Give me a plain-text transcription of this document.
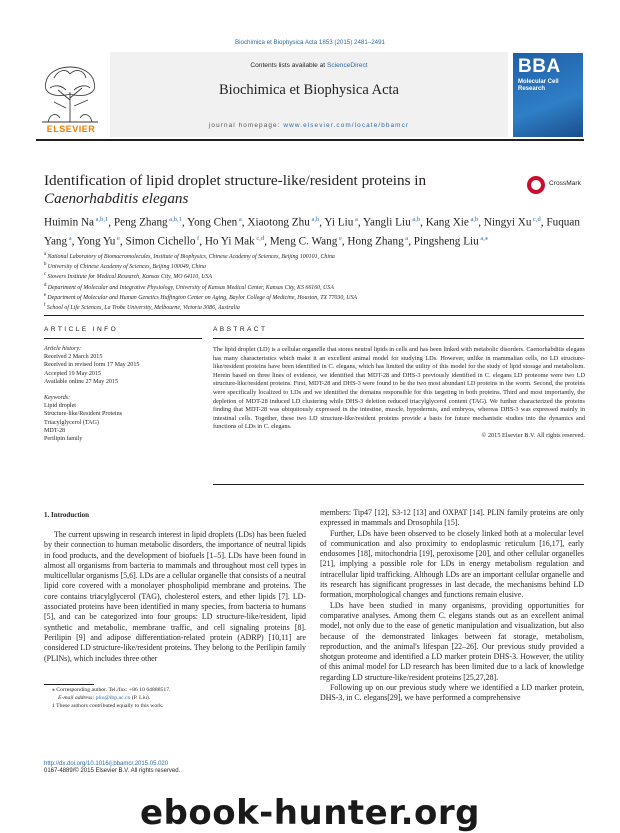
Biochimica et Biophysica Acta 1853 (2015) 2481–2491
ELSEVIER
Contents lists available at ScienceDirect
Biochimica et Biophysica Acta
journal homepage: www.elsevier.com/locate/bbamcr
BBA
Molecular Cell
Research
Identification of lipid droplet structure-like/resident proteins in
Caenorhabditis elegans
CrossMark
Huimin Na $^{a,b,1}$, Peng Zhang $^{a,b,1}$, Yong Chen $^a$, Xiaotong Zhu $^{a,b}$, Yi Liu $^a$, Yangli Liu $^{a,b}$, Kang Xie $^{a,b}$, Ningyi Xu $^{c,d}$, Fuquan Yang $^a$, Yong Yu $^e$, Simon Cichello $^f$, Ho Yi Mak $^{c,d}$, Meng C. Wang $^e$, Hong Zhang $^a$, Pingsheng Liu $^{a,⁎}$
$^a$ National Laboratory of Biomacromolecules, Institute of Biophysics, Chinese Academy of Sciences, Beijing 100101, China
$^b$ University of Chinese Academy of Sciences, Beijing 100049, China
$^c$ Stowers Institute for Medical Research, Kansas City, MO 64110, USA
$^d$ Department of Molecular and Integrative Physiology, University of Kansas Medical Center, Kansas City, KS 66160, USA
$^e$ Department of Molecular and Human Genetics Huffington Center on Aging, Baylor College of Medicine, Houston, TX 77030, USA
$^f$ School of Life Sciences, La Trobe University, Melbourne, Victoria 3086, Australia
ARTICLE INFO	ABSTRACT
Article history:
Received 2 March 2015
Received in revised form 17 May 2015
Accepted 19 May 2015
Available online 27 May 2015
Keywords:
Lipid droplet
Structure-like/Resident Proteins
Triacylglycerol (TAG)
MDT-28
Perilipin family
The lipid droplet (LD) is a cellular organelle that stores neutral lipids in cells and has been linked with metabolic disorders. Caenorhabditis elegans has many characteristics which make it an excellent animal model for studying LDs. However, unlike in mammalian cells, no LD structure-like/resident proteins have been identified in C. elegans, which has limited the utility of this model for the study of lipid storage and metabolism. Herein based on three lines of evidence, we identified that MDT-28 and DHS-3 previously identified in C. elegans LD proteome were two LD structure-like/resident proteins. First, MDT-28 and DHS-3 were found to be the two most abundant LD proteins in the worm. Second, the proteins were specifically localized to LDs and we identified the domains responsible for this targeting in both proteins. Third and most importantly, the depletion of MDT-28 induced LD clustering while DHS-3 deletion reduced triacylglycerol content (TAG). We further characterized the proteins finding that MDT-28 was ubiquitously expressed in the intestine, muscle, hypodermis, and embryos, whereas DHS-3 was expressed mainly in intestinal cells. Together, these two LD structure-like/resident proteins provide a basis for future mechanistic studies into the dynamics and functions of LDs in C. elegans.
© 2015 Elsevier B.V. All rights reserved.
1. Introduction
The current upswing in research interest in lipid droplets (LDs) has been fueled by their connection to human metabolic disorders, the importance of neutral lipids in food products, and the development of biofuels [1–5]. LDs have been found in almost all organisms from bacteria to mammals and throughout most cell types in multicellular organisms [5,6]. LDs are a cellular organelle that consists of a neutral lipid core covered with a monolayer phospholipid membrane and proteins. The core contains triacylglycerol (TAG), cholesterol esters, and ether lipids [7]. LD-associated proteins have been identified in many species, from bacteria to humans [5], and can be categorized into four groups: LD structure-like/resident, lipid synthetic and metabolic, membrane traffic, and cell signaling proteins [8]. Perilipin [9] and adipose differentiation-related protein (ADRP) [10,11] are considered LD structure-like/resident proteins. They belong to the Perilipin family (PLINs), which includes three other
members: Tip47 [12], S3-12 [13] and OXPAT [14]. PLIN family proteins are only expressed in mammals and Drosophila [15].
Further, LDs have been observed to be closely linked both at a molecular level of communication and also proximity to endoplasmic reticulum [16,17], early endosomes [18], mitochondria [19], peroxisome [20], and other cellular organelles [21], implying a possible role for LDs in energy metabolism regulation and intracellular lipid trafficking. Although LDs are an important cellular organelle and its research has significant progresses in last decade, the mechanisms behind LD formation, morphological changes and functions remain elusive.
LDs have been studied in many organisms, providing opportunities for comparative analyses. Among them C. elegans stands out as an excellent animal model, not only due to the ease of genetic manipulation and visualization, but also because of the demonstrated linkages between fat storage, metabolism, reproduction, and the animal's lifespan [22–26]. Our previous study provided a shotgun proteome and identified a LD marker protein DHS-3. However, the utility of this animal model for LD research has been limited due to a lack of knowledge regarding LD structure-like/resident proteins [25,27,28].
Following up on our previous study where we identified a LD marker protein, DHS-3, in C. elegans[29], we have performed a comprehensive
⁎ Corresponding author. Tel./fax: +86 10 64888517.
E-mail address: pliu@ibp.ac.cn (P. Liu).
1 These authors contributed equally to this work.
http://dx.doi.org/10.1016/j.bbamcr.2015.05.020
0167-4889/© 2015 Elsevier B.V. All rights reserved.
ebook-hunter.org
